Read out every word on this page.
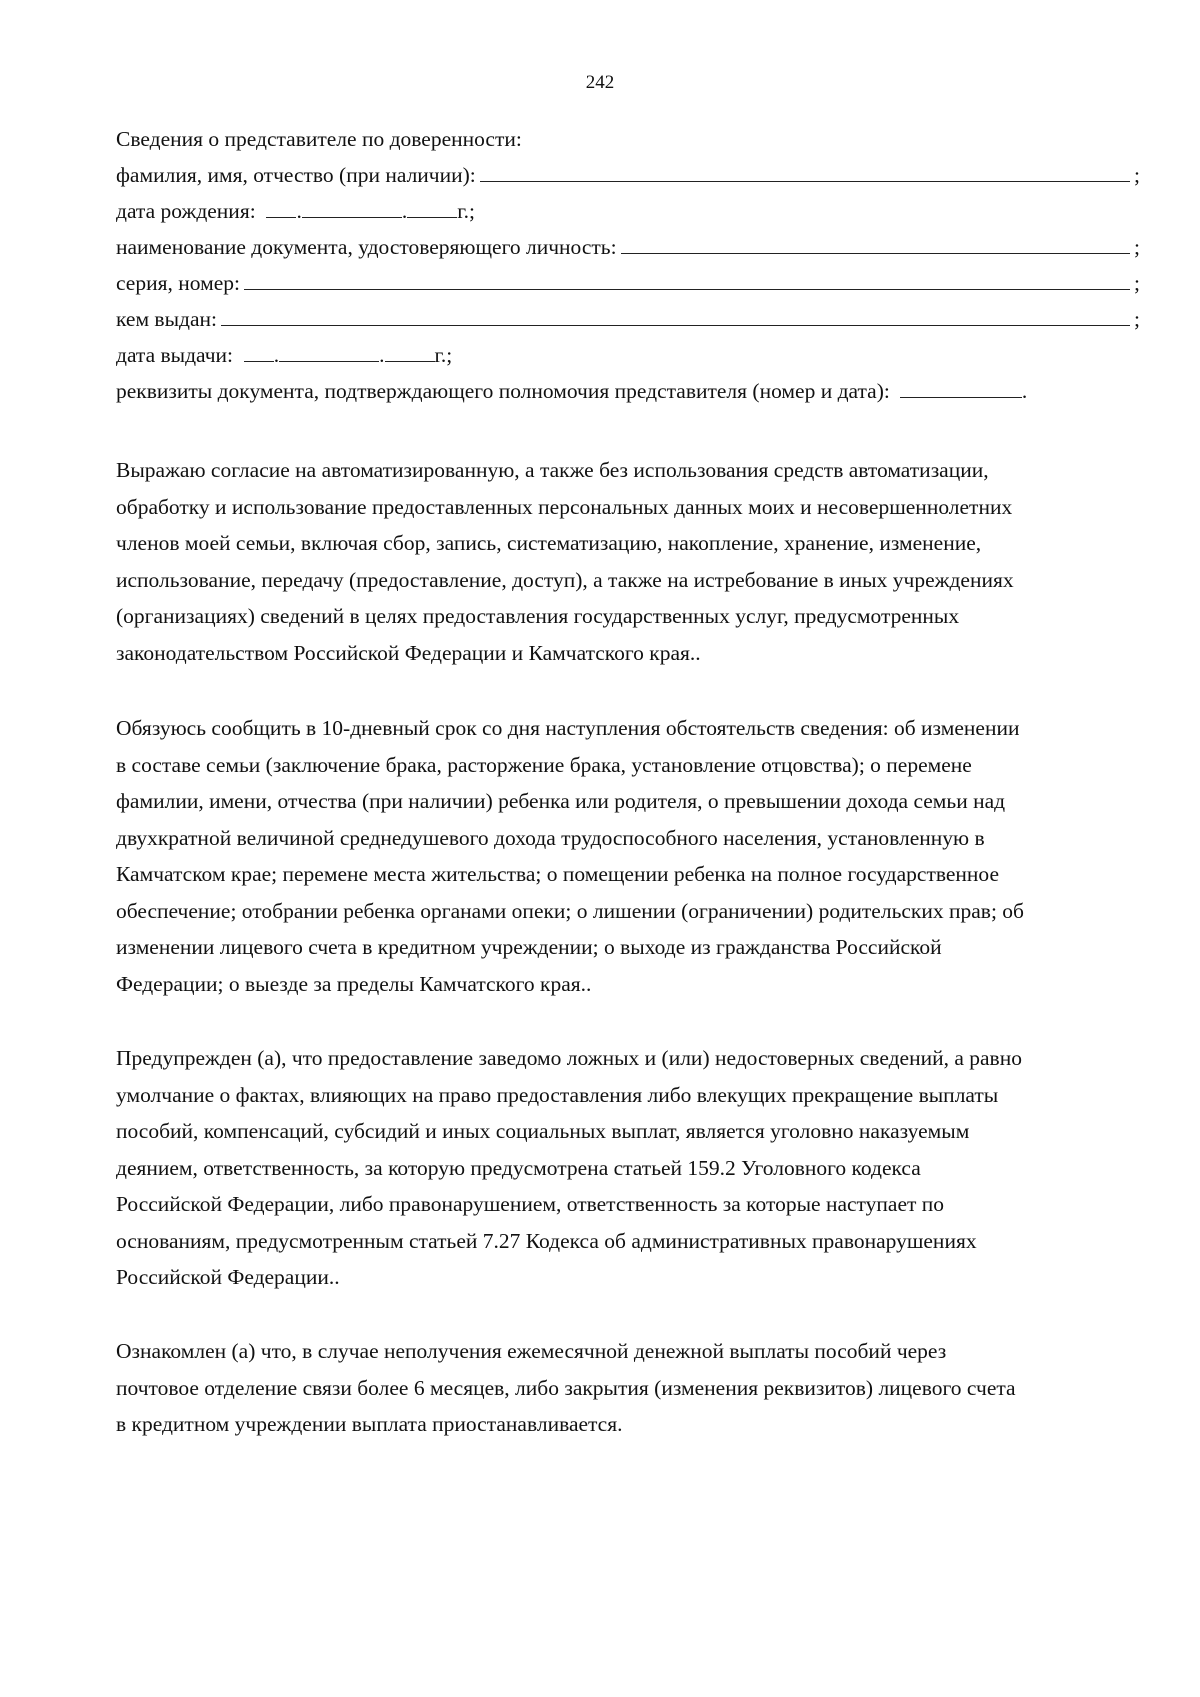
242
Сведения о представителе по доверенности:
фамилия, имя, отчество (при наличии):	;
дата рождения:
.	. г.;
наименование документа, удостоверяющего личность:	;
серия, номер:	;
кем выдан:	;
дата выдачи:
.	. г.;
реквизиты документа, подтверждающего полномочия представителя (номер и дата):	.
Выражаю согласие на автоматизированную, а также без использования средств автоматизации,
обработку и использование предоставленных персональных данных моих и несовершеннолетних
членов моей семьи, включая сбор, запись, систематизацию, накопление, хранение, изменение,
использование, передачу (предоставление, доступ), а также на истребование в иных учреждениях
(организациях) сведений в целях предоставления государственных услуг, предусмотренных
законодательством Российской Федерации и Камчатского края..
Обязуюсь сообщить в 10-дневный срок со дня наступления обстоятельств сведения: об изменении
в составе семьи (заключение брака, расторжение брака, установление отцовства); о перемене
фамилии, имени, отчества (при наличии) ребенка или родителя, о превышении дохода семьи над
двухкратной величиной среднедушевого дохода трудоспособного населения, установленную в
Камчатском крае; перемене места жительства; о помещении ребенка на полное государственное
обеспечение; отобрании ребенка органами опеки; о лишении (ограничении) родительских прав; об
изменении лицевого счета в кредитном учреждении; о выходе из гражданства Российской
Федерации; о выезде за пределы Камчатского края..
Предупрежден (а), что предоставление заведомо ложных и (или) недостоверных сведений, а равно
умолчание о фактах, влияющих на право предоставления либо влекущих прекращение выплаты
пособий, компенсаций, субсидий и иных социальных выплат, является уголовно наказуемым
деянием, ответственность, за которую предусмотрена статьей 159.2 Уголовного кодекса
Российской Федерации, либо правонарушением, ответственность за которые наступает по
основаниям, предусмотренным статьей 7.27 Кодекса об административных правонарушениях
Российской Федерации..
Ознакомлен (а) что, в случае неполучения ежемесячной денежной выплаты пособий через
почтовое отделение связи более 6 месяцев, либо закрытия (изменения реквизитов) лицевого счета
в кредитном учреждении выплата приостанавливается.
